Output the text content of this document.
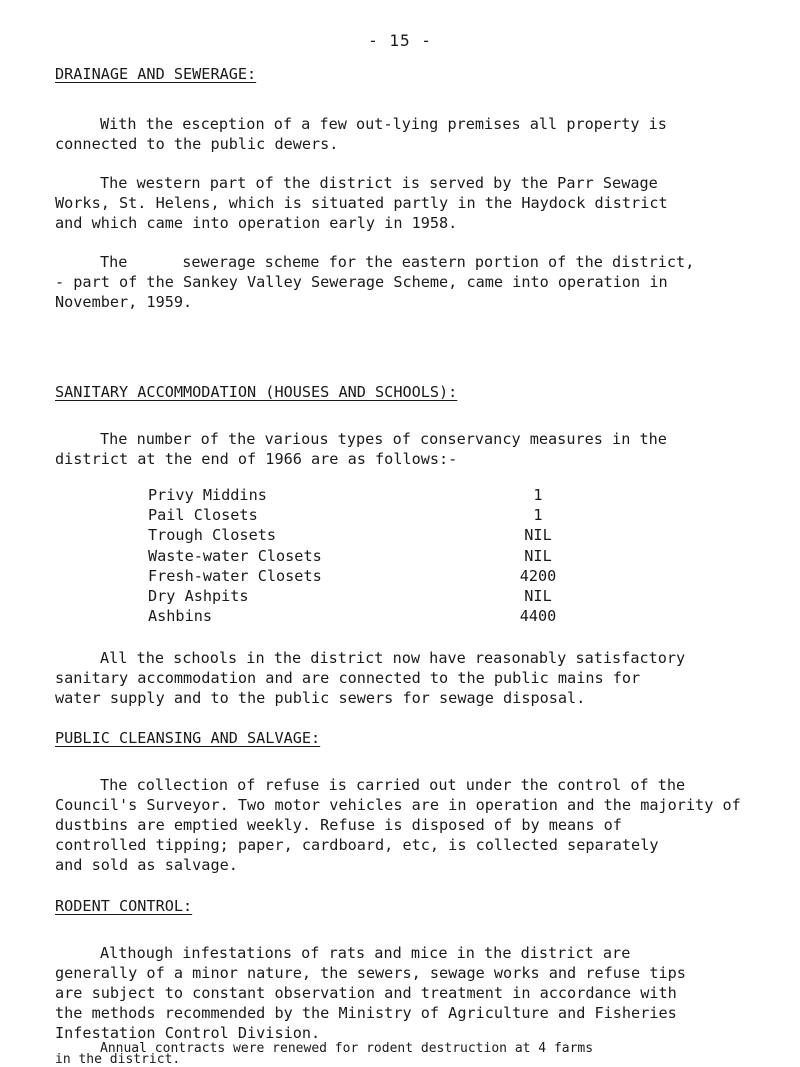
- 15 -
DRAINAGE AND SEWERAGE:
With the esception of a few out-lying premises all property is
connected to the public dewers.
The western part of the district is served by the Parr Sewage
Works, St. Helens, which is situated partly in the Haydock district
and which came into operation early in 1958.
The      sewerage scheme for the eastern portion of the district,
- part of the Sankey Valley Sewerage Scheme, came into operation in
November, 1959.
SANITARY ACCOMMODATION (HOUSES AND SCHOOLS):
The number of the various types of conservancy measures in the
district at the end of 1966 are as follows:-
Privy Middins	1
Pail Closets	1
Trough Closets	NIL
Waste-water Closets	NIL
Fresh-water Closets	4200
Dry Ashpits	NIL
Ashbins	4400
All the schools in the district now have reasonably satisfactory
sanitary accommodation and are connected to the public mains for
water supply and to the public sewers for sewage disposal.
PUBLIC CLEANSING AND SALVAGE:
The collection of refuse is carried out under the control of the
Council's Surveyor. Two motor vehicles are in operation and the majority of
dustbins are emptied weekly. Refuse is disposed of by means of
controlled tipping; paper, cardboard, etc, is collected separately
and sold as salvage.
RODENT CONTROL:
Although infestations of rats and mice in the district are
generally of a minor nature, the sewers, sewage works and refuse tips
are subject to constant observation and treatment in accordance with
the methods recommended by the Ministry of Agriculture and Fisheries
Infestation Control Division.
Annual contracts were renewed for rodent destruction at 4 farms
in the district.
